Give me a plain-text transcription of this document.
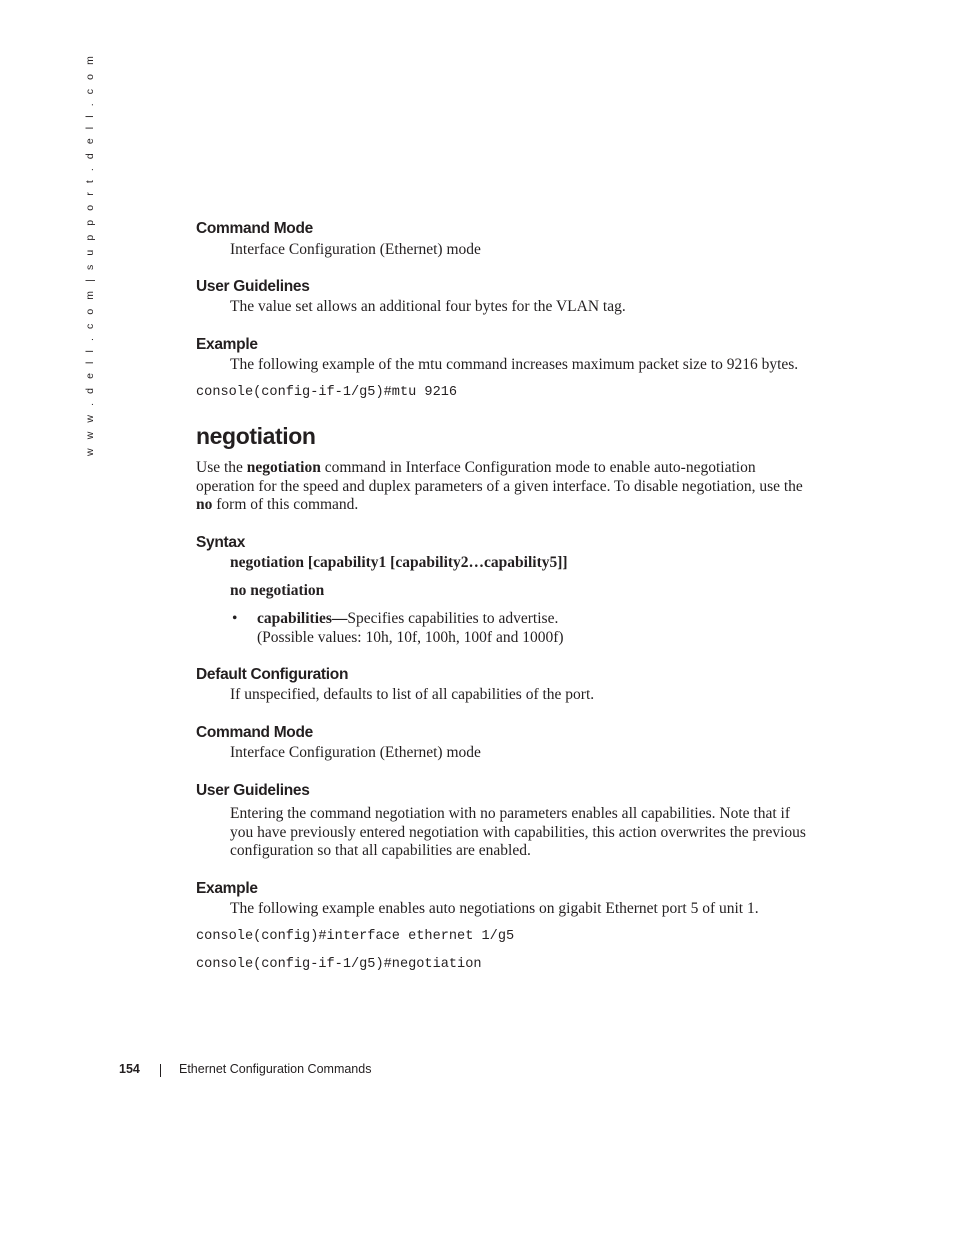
w w w . d e l l . c o m | s u p p o r t . d e l l . c o m	Command Mode
Interface Configuration (Ethernet) mode
User Guidelines
The value set allows an additional four bytes for the VLAN tag.
Example
The following example of the mtu command increases maximum packet size to 9216 bytes.
console(config-if-1/g5)#mtu 9216
negotiation
Use the negotiation command in Interface Configuration mode to enable auto-negotiation
operation for the speed and duplex parameters of a given interface. To disable negotiation, use the
no form of this command.
Syntax
negotiation [capability1 [capability2…capability5]]
no negotiation
• capabilities—Specifies capabilities to advertise.
(Possible values: 10h, 10f, 100h, 100f and 1000f)
Default Configuration
If unspecified, defaults to list of all capabilities of the port.
Command Mode
Interface Configuration (Ethernet) mode
User Guidelines
Entering the command negotiation with no parameters enables all capabilities. Note that if
you have previously entered negotiation with capabilities, this action overwrites the previous
configuration so that all capabilities are enabled.
Example
The following example enables auto negotiations on gigabit Ethernet port 5 of unit 1.
console(config)#interface ethernet 1/g5
console(config-if-1/g5)#negotiation
154	Ethernet Configuration Commands
